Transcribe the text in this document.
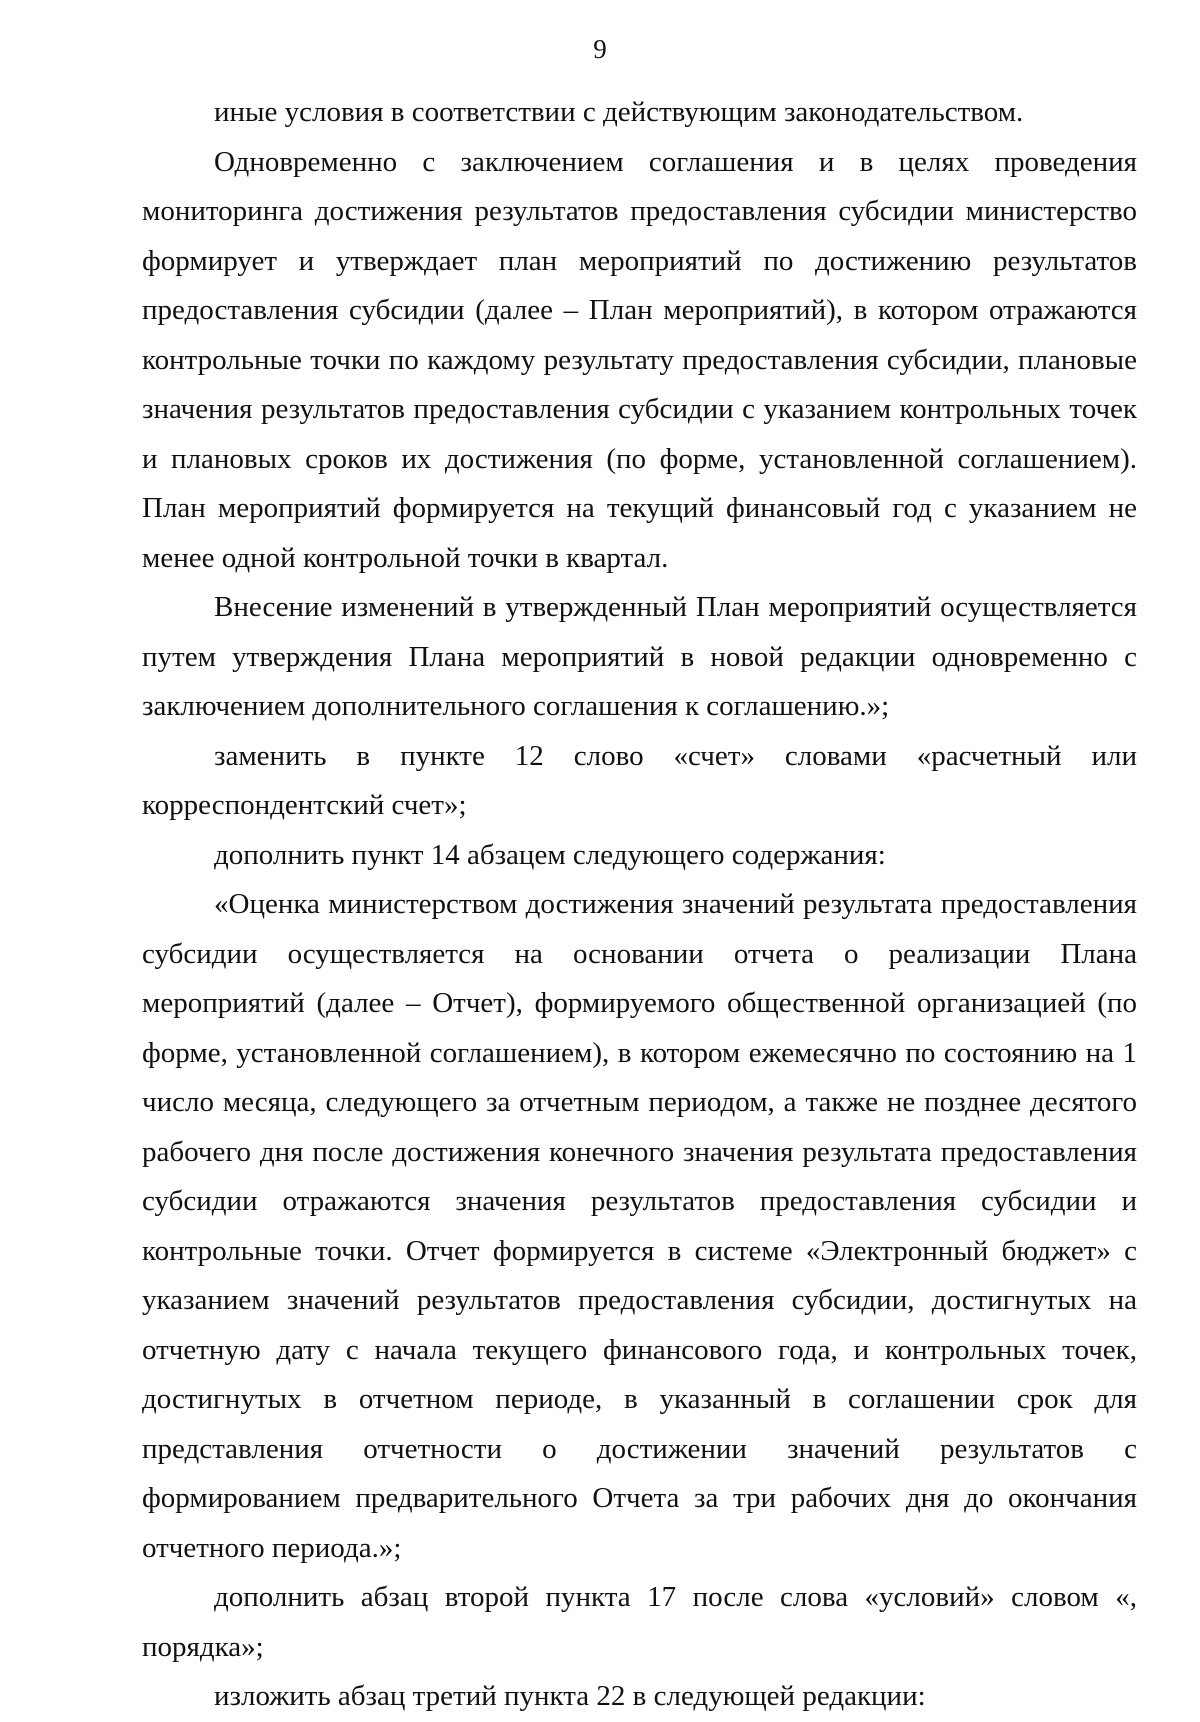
9

иные условия в соответствии с действующим законодательством.

Одновременно с заключением соглашения и в целях проведения мониторинга достижения результатов предоставления субсидии министерство формирует и утверждает план мероприятий по достижению результатов предоставления субсидии (далее – План мероприятий), в котором отражаются контрольные точки по каждому результату предоставления субсидии, плановые значения результатов предоставления субсидии с указанием контрольных точек и плановых сроков их достижения (по форме, установленной соглашением). План мероприятий формируется на текущий финансовый год с указанием не менее одной контрольной точки в квартал.

Внесение изменений в утвержденный План мероприятий осуществляется путем утверждения Плана мероприятий в новой редакции одновременно с заключением дополнительного соглашения к соглашению.»;

заменить в пункте 12 слово «счет» словами «расчетный или корреспондентский счет»;

дополнить пункт 14 абзацем следующего содержания:

«Оценка министерством достижения значений результата предоставления субсидии осуществляется на основании отчета о реализации Плана мероприятий (далее – Отчет), формируемого общественной организацией (по форме, установленной соглашением), в котором ежемесячно по состоянию на 1 число месяца, следующего за отчетным периодом, а также не позднее десятого рабочего дня после достижения конечного значения результата предоставления субсидии отражаются значения результатов предоставления субсидии и контрольные точки. Отчет формируется в системе «Электронный бюджет» с указанием значений результатов предоставления субсидии, достигнутых на отчетную дату с начала текущего финансового года, и контрольных точек, достигнутых в отчетном периоде, в указанный в соглашении срок для представления отчетности о достижении значений результатов с формированием предварительного Отчета за три рабочих дня до окончания отчетного периода.»;

дополнить абзац второй пункта 17 после слова «условий» словом «, порядка»;

изложить абзац третий пункта 22 в следующей редакции:
